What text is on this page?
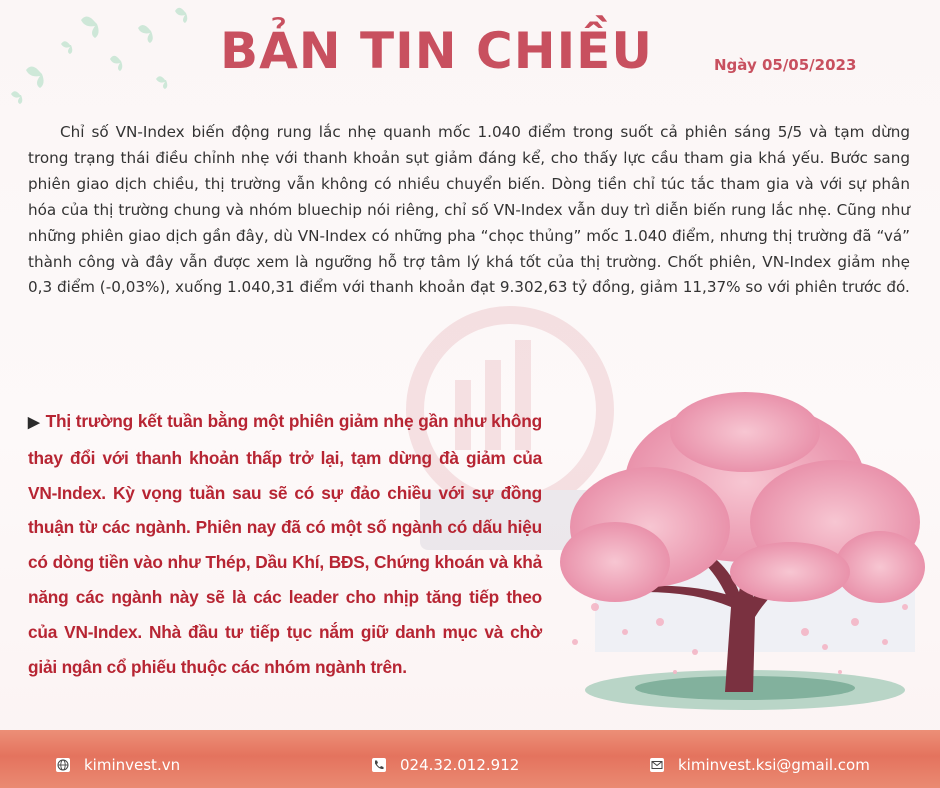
BẢN TIN CHIỀU	Ngày 05/05/2023

Chỉ số VN-Index biến động rung lắc nhẹ quanh mốc 1.040 điểm trong suốt cả phiên sáng 5/5 và tạm dừng trong trạng thái điều chỉnh nhẹ với thanh khoản sụt giảm đáng kể, cho thấy lực cầu tham gia khá yếu. Bước sang phiên giao dịch chiều, thị trường vẫn không có nhiều chuyển biến. Dòng tiền chỉ túc tắc tham gia và với sự phân hóa của thị trường chung và nhóm bluechip nói riêng, chỉ số VN-Index vẫn duy trì diễn biến rung lắc nhẹ. Cũng như những phiên giao dịch gần đây, dù VN-Index có những pha “chọc thủng” mốc 1.040 điểm, nhưng thị trường đã “vá” thành công và đây vẫn được xem là ngưỡng hỗ trợ tâm lý khá tốt của thị trường. Chốt phiên, VN-Index giảm nhẹ 0,3 điểm (-0,03%), xuống 1.040,31 điểm với thanh khoản đạt 9.302,63 tỷ đồng, giảm 11,37% so với phiên trước đó.

▶ Thị trường kết tuần bằng một phiên giảm nhẹ gần như không thay đổi với thanh khoản thấp trở lại, tạm dừng đà giảm của VN-Index. Kỳ vọng tuần sau sẽ có sự đảo chiều với sự đồng thuận từ các ngành. Phiên nay đã có một số ngành có dấu hiệu có dòng tiền vào như Thép, Dầu Khí, BĐS, Chứng khoán và khả năng các ngành này sẽ là các leader cho nhịp tăng tiếp theo của VN-Index. Nhà đầu tư tiếp tục nắm giữ danh mục và chờ giải ngân cổ phiếu thuộc các nhóm ngành trên.

kiminvest.vn	024.32.012.912	kiminvest.ksi@gmail.com
